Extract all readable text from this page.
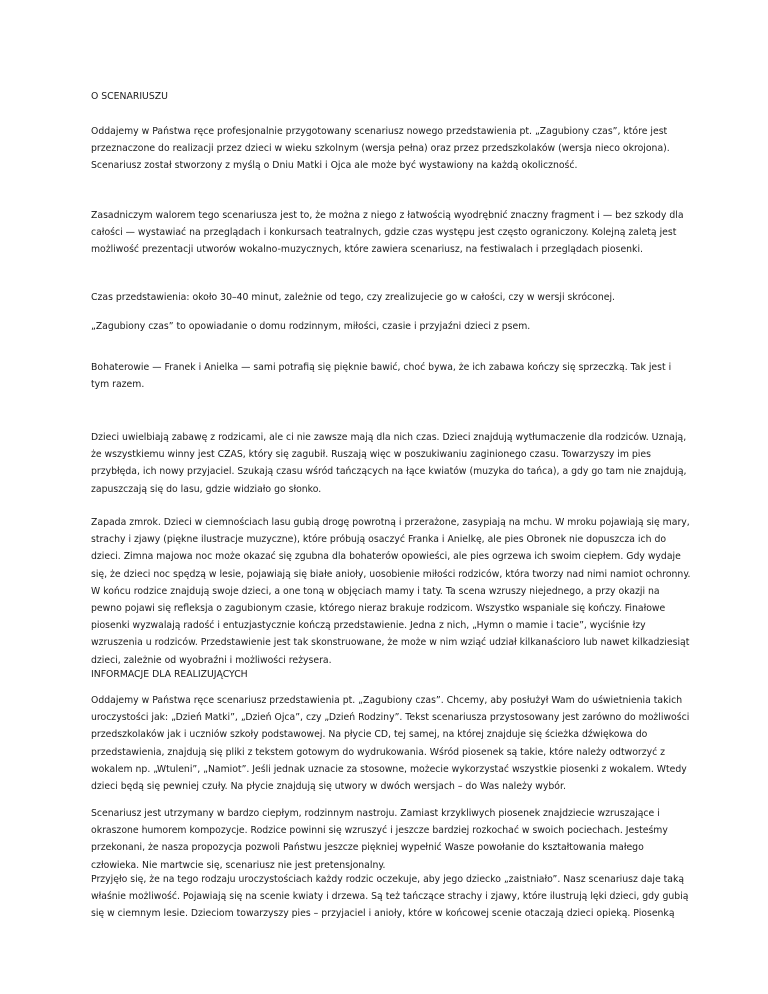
O SCENARIUSZU

Oddajemy w Państwa ręce profesjonalnie przygotowany scenariusz nowego przedstawienia pt. „Zagubiony czas”, które jest przeznaczone do realizacji przez dzieci w wieku szkolnym (wersja pełna) oraz przez przedszkolaków (wersja nieco okrojona). Scenariusz został stworzony z myślą o Dniu Matki i Ojca ale może być wystawiony na każdą okoliczność.

Zasadniczym walorem tego scenariusza jest to, że można z niego z łatwością wyodrębnić znaczny fragment i — bez szkody dla całości — wystawiać na przeglądach i konkursach teatralnych, gdzie czas występu jest często ograniczony. Kolejną zaletą jest możliwość prezentacji utworów wokalno-muzycznych, które zawiera scenariusz, na festiwalach i przeglądach piosenki.

Czas przedstawienia: około 30–40 minut, zależnie od tego, czy zrealizujecie go w całości, czy w wersji skróconej.

„Zagubiony czas” to opowiadanie o domu rodzinnym, miłości, czasie i przyjaźni dzieci z psem.

Bohaterowie — Franek i Anielka — sami potrafią się pięknie bawić, choć bywa, że ich zabawa kończy się sprzeczką. Tak jest i tym razem.

Dzieci uwielbiają zabawę z rodzicami, ale ci nie zawsze mają dla nich czas. Dzieci znajdują wytłumaczenie dla rodziców. Uznają, że wszystkiemu winny jest CZAS, który się zagubił. Ruszają więc w poszukiwaniu zaginionego czasu. Towarzyszy im pies przybłęda, ich nowy przyjaciel. Szukają czasu wśród tańczących na łące kwiatów (muzyka do tańca), a gdy go tam nie znajdują, zapuszczają się do lasu, gdzie widziało go słonko.

Zapada zmrok. Dzieci w ciemnościach lasu gubią drogę powrotną i przerażone, zasypiają na mchu. W mroku pojawiają się mary, strachy i zjawy (piękne ilustracje muzyczne), które próbują osaczyć Franka i Anielkę, ale pies Obronek nie dopuszcza ich do dzieci. Zimna majowa noc może okazać się zgubna dla bohaterów opowieści, ale pies ogrzewa ich swoim ciepłem. Gdy wydaje się, że dzieci noc spędzą w lesie, pojawiają się białe anioły, uosobienie miłości rodziców, która tworzy nad nimi namiot ochronny. W końcu rodzice znajdują swoje dzieci, a one toną w objęciach mamy i taty. Ta scena wzruszy niejednego, a przy okazji na pewno pojawi się refleksja o zagubionym czasie, którego nieraz brakuje rodzicom. Wszystko wspaniale się kończy. Finałowe piosenki wyzwalają radość i entuzjastycznie kończą przedstawienie. Jedna z nich, „Hymn o mamie i tacie”, wyciśnie łzy wzruszenia u rodziców. Przedstawienie jest tak skonstruowane, że może w nim wziąć udział kilkanaścioro lub nawet kilkadziesiąt dzieci, zależnie od wyobraźni i możliwości reżysera.

INFORMACJE DLA REALIZUJĄCYCH

Oddajemy w Państwa ręce scenariusz przedstawienia pt. „Zagubiony czas”. Chcemy, aby posłużył Wam do uświetnienia takich uroczystości jak: „Dzień Matki”, „Dzień Ojca”, czy „Dzień Rodziny”. Tekst scenariusza przystosowany jest zarówno do możliwości przedszkolaków jak i uczniów szkoły podstawowej. Na płycie CD, tej samej, na której znajduje się ścieżka dźwiękowa do przedstawienia, znajdują się pliki z tekstem gotowym do wydrukowania. Wśród piosenek są takie, które należy odtworzyć z wokalem np. „Wtuleni”, „Namiot”. Jeśli jednak uznacie za stosowne, możecie wykorzystać wszystkie piosenki z wokalem. Wtedy dzieci będą się pewniej czuły. Na płycie znajdują się utwory w dwóch wersjach – do Was należy wybór.

Scenariusz jest utrzymany w bardzo ciepłym, rodzinnym nastroju. Zamiast krzykliwych piosenek znajdziecie wzruszające i okraszone humorem kompozycje. Rodzice powinni się wzruszyć i jeszcze bardziej rozkochać w swoich pociechach. Jesteśmy przekonani, że nasza propozycja pozwoli Państwu jeszcze piękniej wypełnić Wasze powołanie do kształtowania małego człowieka. Nie martwcie się, scenariusz nie jest pretensjonalny.

Przyjęło się, że na tego rodzaju uroczystościach każdy rodzic oczekuje, aby jego dziecko „zaistniało”. Nasz scenariusz daje taką właśnie możliwość. Pojawiają się na scenie kwiaty i drzewa. Są też tańczące strachy i zjawy, które ilustrują lęki dzieci, gdy gubią się w ciemnym lesie. Dzieciom towarzyszy pies – przyjaciel i anioły, które w końcowej scenie otaczają dzieci opieką. Piosenką
